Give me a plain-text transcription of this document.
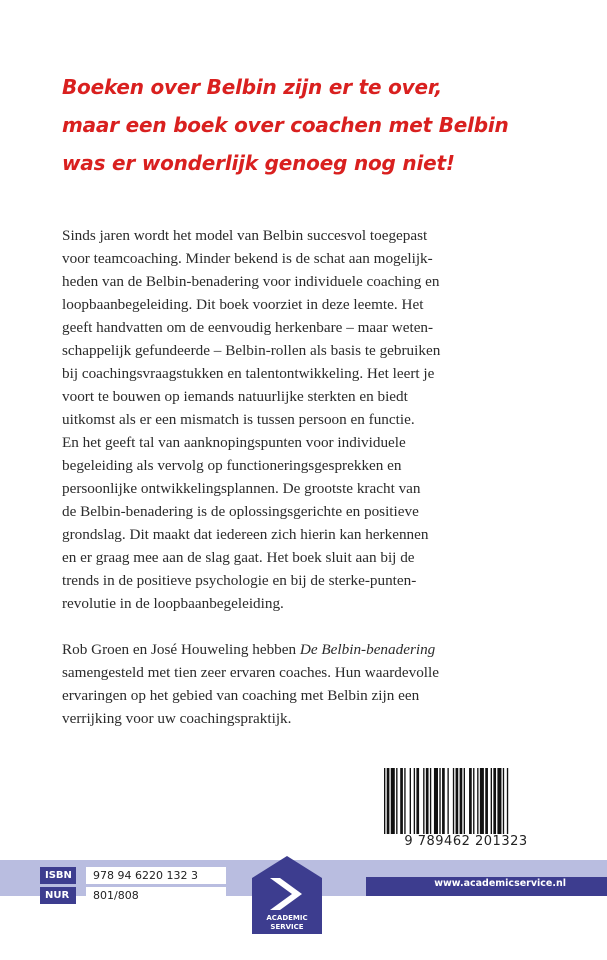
Boeken over Belbin zijn er te over,
maar een boek over coachen met Belbin
was er wonderlijk genoeg nog niet!
Sinds jaren wordt het model van Belbin succesvol toegepast
voor teamcoaching. Minder bekend is de schat aan mogelijk-
heden van de Belbin-benadering voor individuele coaching en
loopbaanbegeleiding. Dit boek voorziet in deze leemte. Het
geeft handvatten om de eenvoudig herkenbare – maar weten-
schappelijk gefundeerde – Belbin-rollen als basis te gebruiken
bij coachingsvraagstukken en talentontwikkeling. Het leert je
voort te bouwen op iemands natuurlijke sterkten en biedt
uitkomst als er een mismatch is tussen persoon en functie.
En het geeft tal van aanknopingspunten voor individuele
begeleiding als vervolg op functioneringsgesprekken en
persoonlijke ontwikkelingsplannen. De grootste kracht van
de Belbin-benadering is de oplossingsgerichte en positieve
grondslag. Dit maakt dat iedereen zich hierin kan herkennen
en er graag mee aan de slag gaat. Het boek sluit aan bij de
trends in de positieve psychologie en bij de sterke-punten-
revolutie in de loopbaanbegeleiding.
Rob Groen en José Houweling hebben De Belbin-benadering
samengesteld met tien zeer ervaren coaches. Hun waardevolle
ervaringen op het gebied van coaching met Belbin zijn een
verrijking voor uw coachingspraktijk.
9 789462 201323
www.academicservice.nl
ISBN	978 94 6220 132 3
NUR	801/808
ACADEMIC
SERVICE
